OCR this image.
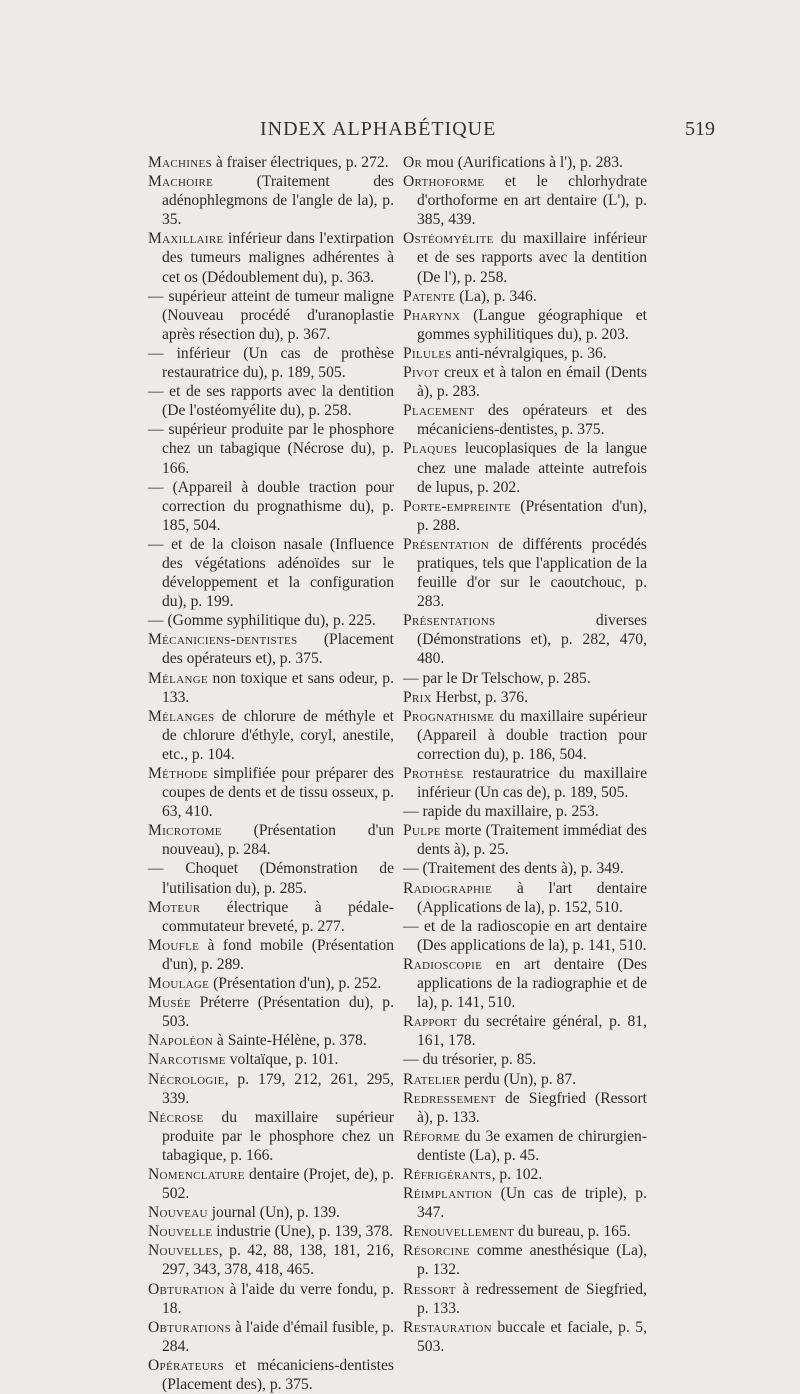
INDEX ALPHABÉTIQUE	519

Machines à fraiser électriques, p. 272.

Machoire (Traitement des adénophlegmons de l'angle de la), p. 35.

Maxillaire inférieur dans l'extirpation des tumeurs malignes adhérentes à cet os (Dédoublement du), p. 363.

— supérieur atteint de tumeur maligne (Nouveau procédé d'uranoplastie après résection du), p. 367.

— inférieur (Un cas de prothèse restauratrice du), p. 189, 505.

— et de ses rapports avec la dentition (De l'ostéomyélite du), p. 258.

— supérieur produite par le phosphore chez un tabagique (Nécrose du), p. 166.

— (Appareil à double traction pour correction du prognathisme du), p. 185, 504.

— et de la cloison nasale (Influence des végétations adénoïdes sur le développement et la configuration du), p. 199.

— (Gomme syphilitique du), p. 225.

Mécaniciens-dentistes (Placement des opérateurs et), p. 375.

Mélange non toxique et sans odeur, p. 133.

Mélanges de chlorure de méthyle et de chlorure d'éthyle, coryl, anestile, etc., p. 104.

Méthode simplifiée pour préparer des coupes de dents et de tissu osseux, p. 63, 410.

Microtome (Présentation d'un nouveau), p. 284.

— Choquet (Démonstration de l'utilisation du), p. 285.

Moteur électrique à pédale-commutateur breveté, p. 277.

Moufle à fond mobile (Présentation d'un), p. 289.

Moulage (Présentation d'un), p. 252.

Musée Préterre (Présentation du), p. 503.

Napoléon à Sainte-Hélène, p. 378.

Narcotisme voltaïque, p. 101.

Nécrologie, p. 179, 212, 261, 295, 339.

Nécrose du maxillaire supérieur produite par le phosphore chez un tabagique, p. 166.

Nomenclature dentaire (Projet, de), p. 502.

Nouveau journal (Un), p. 139.

Nouvelle industrie (Une), p. 139, 378.

Nouvelles, p. 42, 88, 138, 181, 216, 297, 343, 378, 418, 465.

Obturation à l'aide du verre fondu, p. 18.

Obturations à l'aide d'émail fusible, p. 284.

Opérateurs et mécaniciens-dentistes (Placement des), p. 375.

Or mou (Aurifications à l'), p. 283.

Orthoforme et le chlorhydrate d'orthoforme en art dentaire (L'), p. 385, 439.

Ostéomyélite du maxillaire inférieur et de ses rapports avec la dentition (De l'), p. 258.

Patente (La), p. 346.

Pharynx (Langue géographique et gommes syphilitiques du), p. 203.

Pilules anti-névralgiques, p. 36.

Pivot creux et à talon en émail (Dents à), p. 283.

Placement des opérateurs et des mécaniciens-dentistes, p. 375.

Plaques leucoplasiques de la langue chez une malade atteinte autrefois de lupus, p. 202.

Porte-empreinte (Présentation d'un), p. 288.

Présentation de différents procédés pratiques, tels que l'application de la feuille d'or sur le caoutchouc, p. 283.

Présentations diverses (Démonstrations et), p. 282, 470, 480.

— par le Dr Telschow, p. 285.

Prix Herbst, p. 376.

Prognathisme du maxillaire supérieur (Appareil à double traction pour correction du), p. 186, 504.

Prothèse restauratrice du maxillaire inférieur (Un cas de), p. 189, 505.

— rapide du maxillaire, p. 253.

Pulpe morte (Traitement immédiat des dents à), p. 25.

— (Traitement des dents à), p. 349.

Radiographie à l'art dentaire (Applications de la), p. 152, 510.

— et de la radioscopie en art dentaire (Des applications de la), p. 141, 510.

Radioscopie en art dentaire (Des applications de la radiographie et de la), p. 141, 510.

Rapport du secrétaire général, p. 81, 161, 178.

— du trésorier, p. 85.

Ratelier perdu (Un), p. 87.

Redressement de Siegfried (Ressort à), p. 133.

Réforme du 3e examen de chirurgien-dentiste (La), p. 45.

Réfrigérants, p. 102.

Réimplantion (Un cas de triple), p. 347.

Renouvellement du bureau, p. 165.

Résorcine comme anesthésique (La), p. 132.

Ressort à redressement de Siegfried, p. 133.

Restauration buccale et faciale, p. 5, 503.
